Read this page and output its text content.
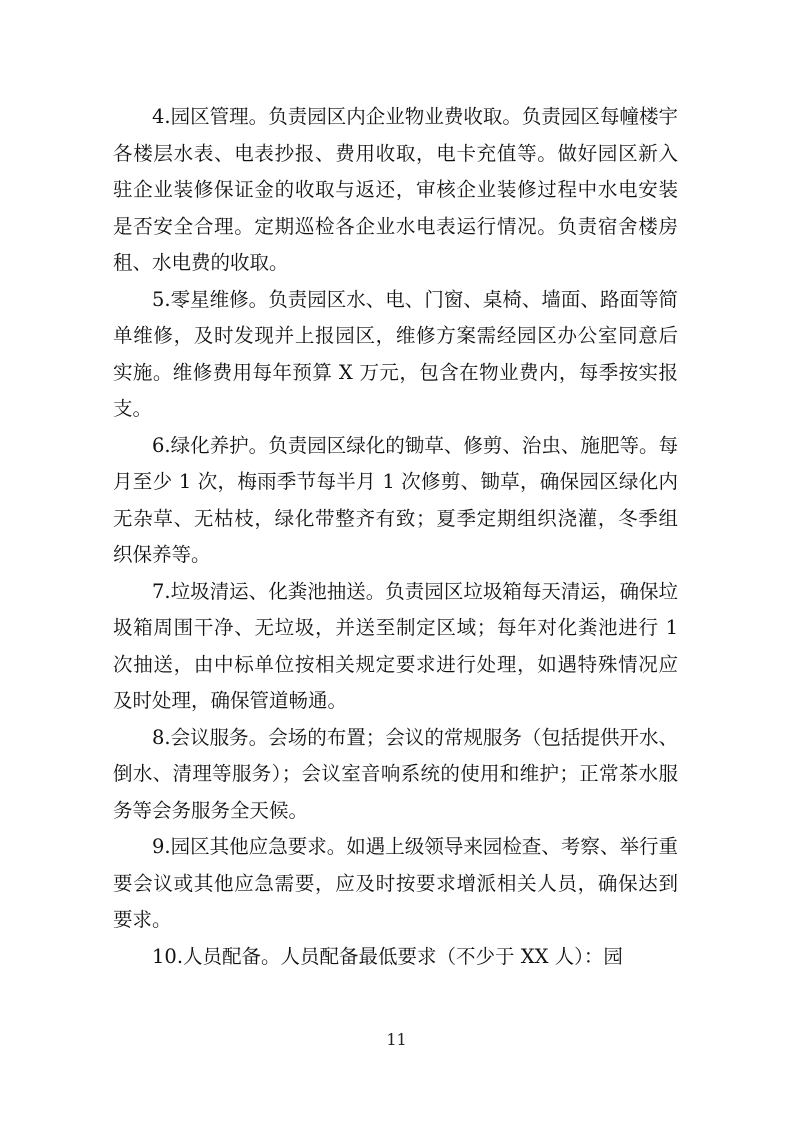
4.园区管理。负责园区内企业物业费收取。负责园区每幢楼宇各楼层水表、电表抄报、费用收取，电卡充值等。做好园区新入驻企业装修保证金的收取与返还，审核企业装修过程中水电安装是否安全合理。定期巡检各企业水电表运行情况。负责宿舍楼房租、水电费的收取。

5.零星维修。负责园区水、电、门窗、桌椅、墙面、路面等简单维修，及时发现并上报园区，维修方案需经园区办公室同意后实施。维修费用每年预算 X 万元，包含在物业费内，每季按实报支。

6.绿化养护。负责园区绿化的锄草、修剪、治虫、施肥等。每月至少 1 次，梅雨季节每半月 1 次修剪、锄草，确保园区绿化内无杂草、无枯枝，绿化带整齐有致；夏季定期组织浇灌，冬季组织保养等。

7.垃圾清运、化粪池抽送。负责园区垃圾箱每天清运，确保垃圾箱周围干净、无垃圾，并送至制定区域；每年对化粪池进行 1 次抽送，由中标单位按相关规定要求进行处理，如遇特殊情况应及时处理，确保管道畅通。

8.会议服务。会场的布置；会议的常规服务（包括提供开水、倒水、清理等服务）；会议室音响系统的使用和维护；正常茶水服务等会务服务全天候。

9.园区其他应急要求。如遇上级领导来园检查、考察、举行重要会议或其他应急需要，应及时按要求增派相关人员，确保达到要求。

10.人员配备。人员配备最低要求（不少于 XX 人）：园

11
